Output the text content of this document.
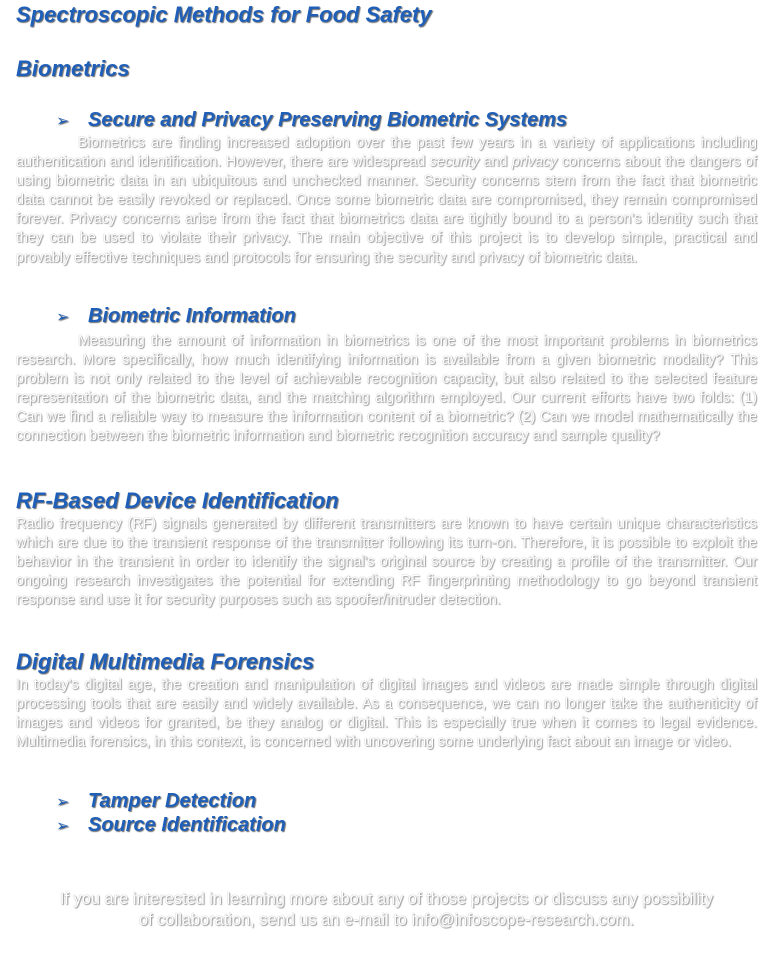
Spectroscopic Methods for Food Safety
Biometrics
➢ Secure and Privacy Preserving Biometric Systems

Biometrics are finding increased adoption over the past few years in a variety of applications including authentication and identification. However, there are widespread security and privacy concerns about the dangers of using biometric data in an ubiquitous and unchecked manner. Security concerns stem from the fact that biometric data cannot be easily revoked or replaced. Once some biometric data are compromised, they remain compromised forever. Privacy concerns arise from the fact that biometrics data are tightly bound to a person's identity such that they can be used to violate their privacy. The main objective of this project is to develop simple, practical and provably effective techniques and protocols for ensuring the security and privacy of biometric data.

➢ Biometric Information

Measuring the amount of information in biometrics is one of the most important problems in biometrics research. More specifically, how much identifying information is available from a given biometric modality? This problem is not only related to the level of achievable recognition capacity, but also related to the selected feature representation of the biometric data, and the matching algorithm employed. Our current efforts have two folds: (1) Can we find a reliable way to measure the information content of a biometric? (2) Can we model mathematically the connection between the biometric information and biometric recognition accuracy and sample quality?

RF-Based Device Identification

Radio frequency (RF) signals generated by different transmitters are known to have certain unique characteristics which are due to the transient response of the transmitter following its turn-on. Therefore, it is possible to exploit the behavior in the transient in order to identify the signal's original source by creating a profile of the transmitter. Our ongoing research investigates the potential for extending RF fingerprinting methodology to go beyond transient response and use it for security purposes such as spoofer/intruder detection.

Digital Multimedia Forensics

In today's digital age, the creation and manipulation of digital images and videos are made simple through digital processing tools that are easily and widely available. As a consequence, we can no longer take the authenticity of images and videos for granted, be they analog or digital. This is especially true when it comes to legal evidence. Multimedia forensics, in this context, is concerned with uncovering some underlying fact about an image or video.

➢ Tamper Detection
➢ Source Identification

If you are interested in learning more about any of those projects or discuss any possibility
of collaboration, send us an e-mail to info@infoscope-research.com.
